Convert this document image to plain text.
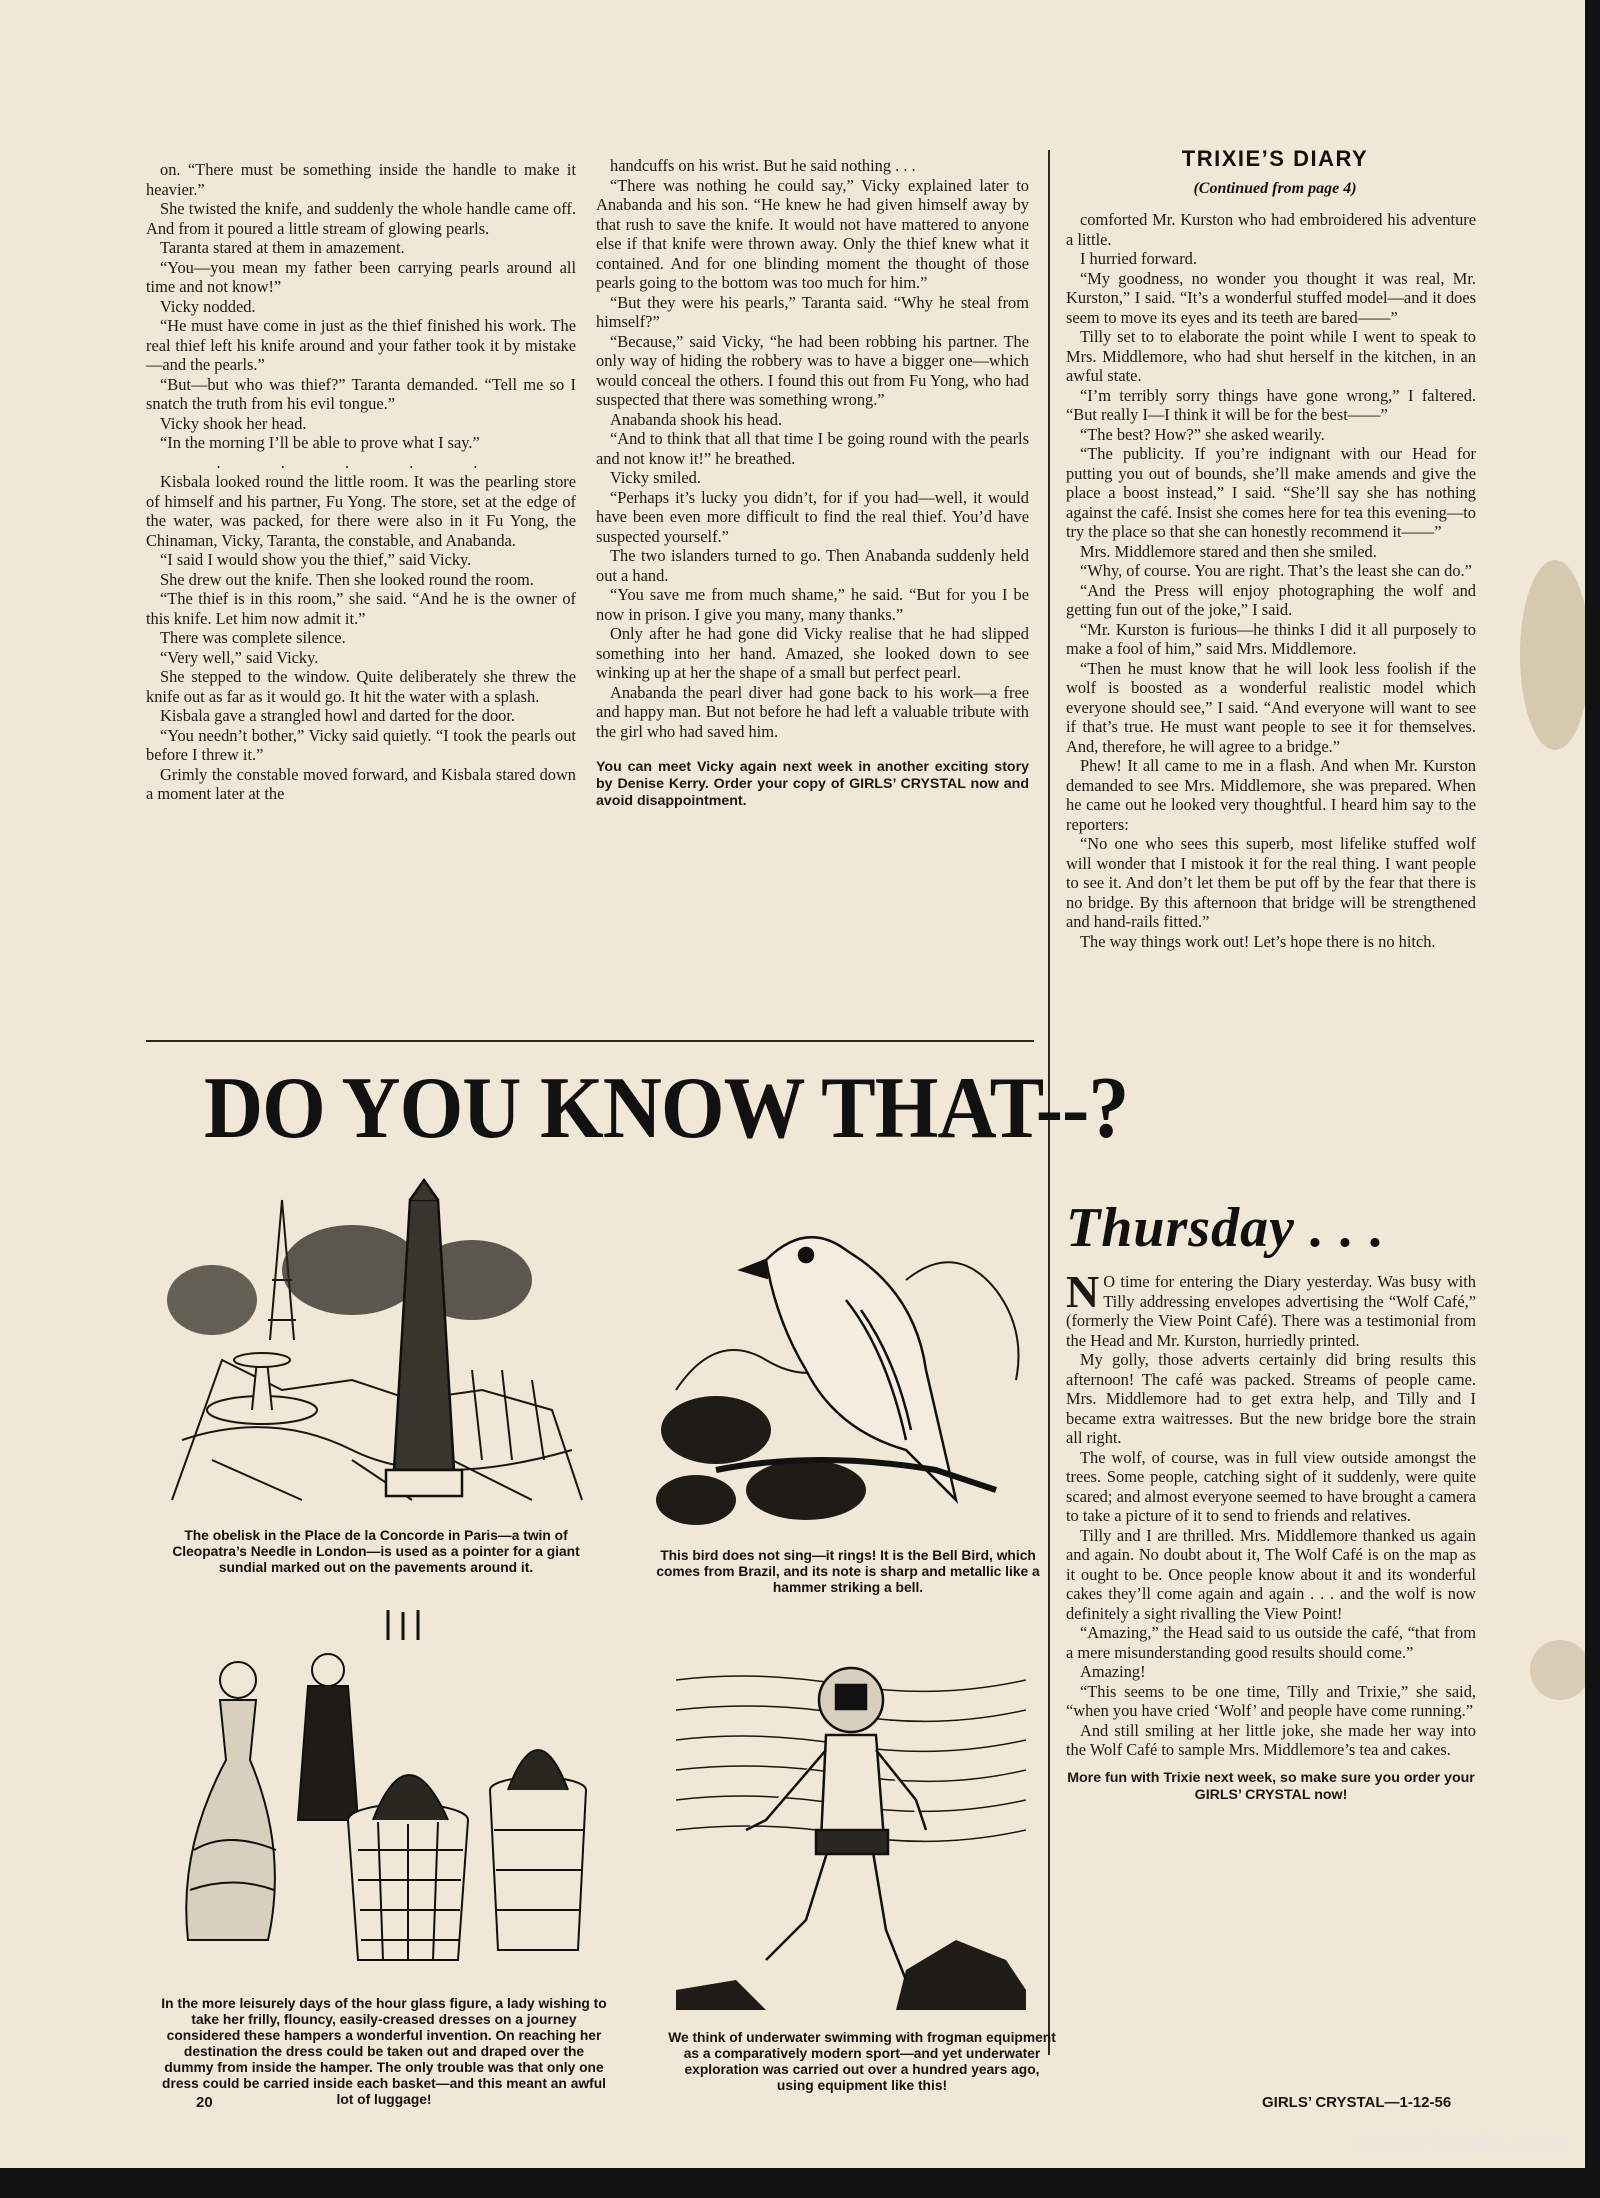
on. “There must be something inside the handle to make it heavier.”

She twisted the knife, and suddenly the whole handle came off. And from it poured a little stream of glowing pearls.

Taranta stared at them in amazement.

“You—you mean my father been carrying pearls around all time and not know!”

Vicky nodded.

“He must have come in just as the thief finished his work. The real thief left his knife around and your father took it by mistake—and the pearls.”

“But—but who was thief?” Taranta demanded. “Tell me so I snatch the truth from his evil tongue.”

Vicky shook her head.

“In the morning I’ll be able to prove what I say.”

. . . . .

Kisbala looked round the little room. It was the pearling store of himself and his partner, Fu Yong. The store, set at the edge of the water, was packed, for there were also in it Fu Yong, the Chinaman, Vicky, Taranta, the constable, and Anabanda.

“I said I would show you the thief,” said Vicky.

She drew out the knife. Then she looked round the room.

“The thief is in this room,” she said. “And he is the owner of this knife. Let him now admit it.”

There was complete silence.

“Very well,” said Vicky.

She stepped to the window. Quite deliberately she threw the knife out as far as it would go. It hit the water with a splash.

Kisbala gave a strangled howl and darted for the door.

“You needn’t bother,” Vicky said quietly. “I took the pearls out before I threw it.”

Grimly the constable moved forward, and Kisbala stared down a moment later at the

handcuffs on his wrist. But he said nothing . . .

“There was nothing he could say,” Vicky explained later to Anabanda and his son. “He knew he had given himself away by that rush to save the knife. It would not have mattered to anyone else if that knife were thrown away. Only the thief knew what it contained. And for one blinding moment the thought of those pearls going to the bottom was too much for him.”

“But they were his pearls,” Taranta said. “Why he steal from himself?”

“Because,” said Vicky, “he had been robbing his partner. The only way of hiding the robbery was to have a bigger one—which would conceal the others. I found this out from Fu Yong, who had suspected that there was something wrong.”

Anabanda shook his head.

“And to think that all that time I be going round with the pearls and not know it!” he breathed.

Vicky smiled.

“Perhaps it’s lucky you didn’t, for if you had—well, it would have been even more difficult to find the real thief. You’d have suspected yourself.”

The two islanders turned to go. Then Anabanda suddenly held out a hand.

“You save me from much shame,” he said. “But for you I be now in prison. I give you many, many thanks.”

Only after he had gone did Vicky realise that he had slipped something into her hand. Amazed, she looked down to see winking up at her the shape of a small but perfect pearl.

Anabanda the pearl diver had gone back to his work—a free and happy man. But not before he had left a valuable tribute with the girl who had saved him.

You can meet Vicky again next week in another exciting story by Denise Kerry. Order your copy of GIRLS’ CRYSTAL now and avoid disappointment.

TRIXIE’S DIARY
(Continued from page 4)

comforted Mr. Kurston who had embroidered his adventure a little.

I hurried forward.

“My goodness, no wonder you thought it was real, Mr. Kurston,” I said. “It’s a wonderful stuffed model—and it does seem to move its eyes and its teeth are bared——”

Tilly set to to elaborate the point while I went to speak to Mrs. Middlemore, who had shut herself in the kitchen, in an awful state.

“I’m terribly sorry things have gone wrong,” I faltered. “But really I—I think it will be for the best——”

“The best? How?” she asked wearily.

“The publicity. If you’re indignant with our Head for putting you out of bounds, she’ll make amends and give the place a boost instead,” I said. “She’ll say she has nothing against the café. Insist she comes here for tea this evening—to try the place so that she can honestly recommend it——”

Mrs. Middlemore stared and then she smiled.

“Why, of course. You are right. That’s the least she can do.”

“And the Press will enjoy photographing the wolf and getting fun out of the joke,” I said.

“Mr. Kurston is furious—he thinks I did it all purposely to make a fool of him,” said Mrs. Middlemore.

“Then he must know that he will look less foolish if the wolf is boosted as a wonderful realistic model which everyone should see,” I said. “And everyone will want to see if that’s true. He must want people to see it for themselves. And, therefore, he will agree to a bridge.”

Phew! It all came to me in a flash. And when Mr. Kurston demanded to see Mrs. Middlemore, she was prepared. When he came out he looked very thoughtful. I heard him say to the reporters:

“No one who sees this superb, most lifelike stuffed wolf will wonder that I mistook it for the real thing. I want people to see it. And don’t let them be put off by the fear that there is no bridge. By this afternoon that bridge will be strengthened and hand-rails fitted.”

The way things work out! Let’s hope there is no hitch.

Thursday . . .

N O time for entering the Diary yesterday. Was busy with Tilly addressing envelopes advertising the “Wolf Café,” (formerly the View Point Café). There was a testimonial from the Head and Mr. Kurston, hurriedly printed.

My golly, those adverts certainly did bring results this afternoon! The café was packed. Streams of people came. Mrs. Middlemore had to get extra help, and Tilly and I became extra waitresses. But the new bridge bore the strain all right.

The wolf, of course, was in full view outside amongst the trees. Some people, catching sight of it suddenly, were quite scared; and almost everyone seemed to have brought a camera to take a picture of it to send to friends and relatives.

Tilly and I are thrilled. Mrs. Middlemore thanked us again and again. No doubt about it, The Wolf Café is on the map as it ought to be. Once people know about it and its wonderful cakes they’ll come again and again . . . and the wolf is now definitely a sight rivalling the View Point!

“Amazing,” the Head said to us outside the café, “that from a mere misunderstanding good results should come.”

Amazing!

“This seems to be one time, Tilly and Trixie,” she said, “when you have cried ‘Wolf’ and people have come running.”

And still smiling at her little joke, she made her way into the Wolf Café to sample Mrs. Middlemore’s tea and cakes.

More fun with Trixie next week, so make sure you order your GIRLS’ CRYSTAL now!

DO YOU KNOW THAT--?
The obelisk in the Place de la Concorde in Paris—a twin of Cleopatra’s Needle in London—is used as a pointer for a giant sundial marked out on the pavements around it.
This bird does not sing—it rings! It is the Bell Bird, which comes from Brazil, and its note is sharp and metallic like a hammer striking a bell.
In the more leisurely days of the hour glass figure, a lady wishing to take her frilly, flouncy, easily-creased dresses on a journey considered these hampers a wonderful invention. On reaching her destination the dress could be taken out and draped over the dummy from inside the hamper. The only trouble was that only one dress could be carried inside each basket—and this meant an awful lot of luggage!
We think of underwater swimming with frogman equipment as a comparatively modern sport—and yet underwater exploration was carried out over a hundred years ago, using equipment like this!
20	GIRLS’ CRYSTAL—1-12-56
comicbooks.com
